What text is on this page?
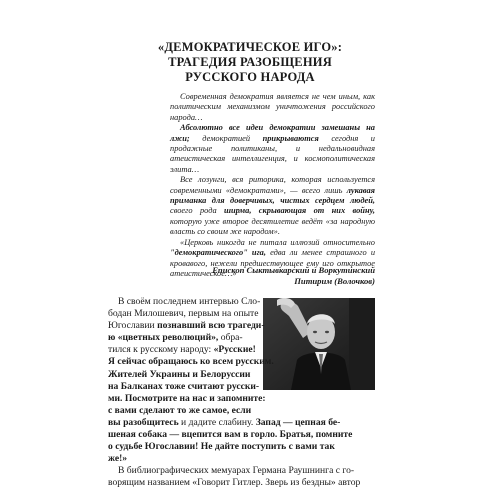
«ДЕМОКРАТИЧЕСКОЕ ИГО»:
ТРАГЕДИЯ РАЗОБЩЕНИЯ
РУССКОГО НАРОДА

Современная демократия является не чем иным, как политическим механизмом уничтожения российского народа…

Абсолютно все идеи демократии замешаны на лжи; демократией прикрываются сегодня и продажные политиканы, и недальновидная атеистическая интеллигенция, и космополитическая элита…

Все лозунги, вся риторика, которая используется современными «демократами», — всего лишь лукавая приманка для доверчивых, чистых сердцем людей, своего рода ширма, скрывающая от них войну, которую уже второе десятилетие ведёт «за народную власть со своим же народом».

«Церковь никогда не питала иллюзий относительно "демократического" ига, едва ли менее страшного и кровавого, нежели предшествующее ему иго открытое атеистическое…»

Епископ Сыктывкарский и Воркутинский
Питирим (Волочков)
В своём последнем интервью Сло-
бодан Милошевич, первым на опыте
Югославии познавший всю трагеди-
ю «цветных революций», обра-
тился к русскому народу: «Русские!
Я сейчас обращаюсь ко всем русским.
Жителей Украины и Белоруссии
на Балканах тоже считают русски-
ми. Посмотрите на нас и запомните:
с вами сделают то же самое, если
вы разобщитесь и дадите слабину. Запад — цепная бе-
шеная собака — вцепится вам в горло. Братья, помните
о судьбе Югославии! Не дайте поступить с вами так
же!»
В библиографических мемуарах Германа Раушнинга с го-
ворящим названием «Говорит Гитлер. Зверь из бездны» автор
